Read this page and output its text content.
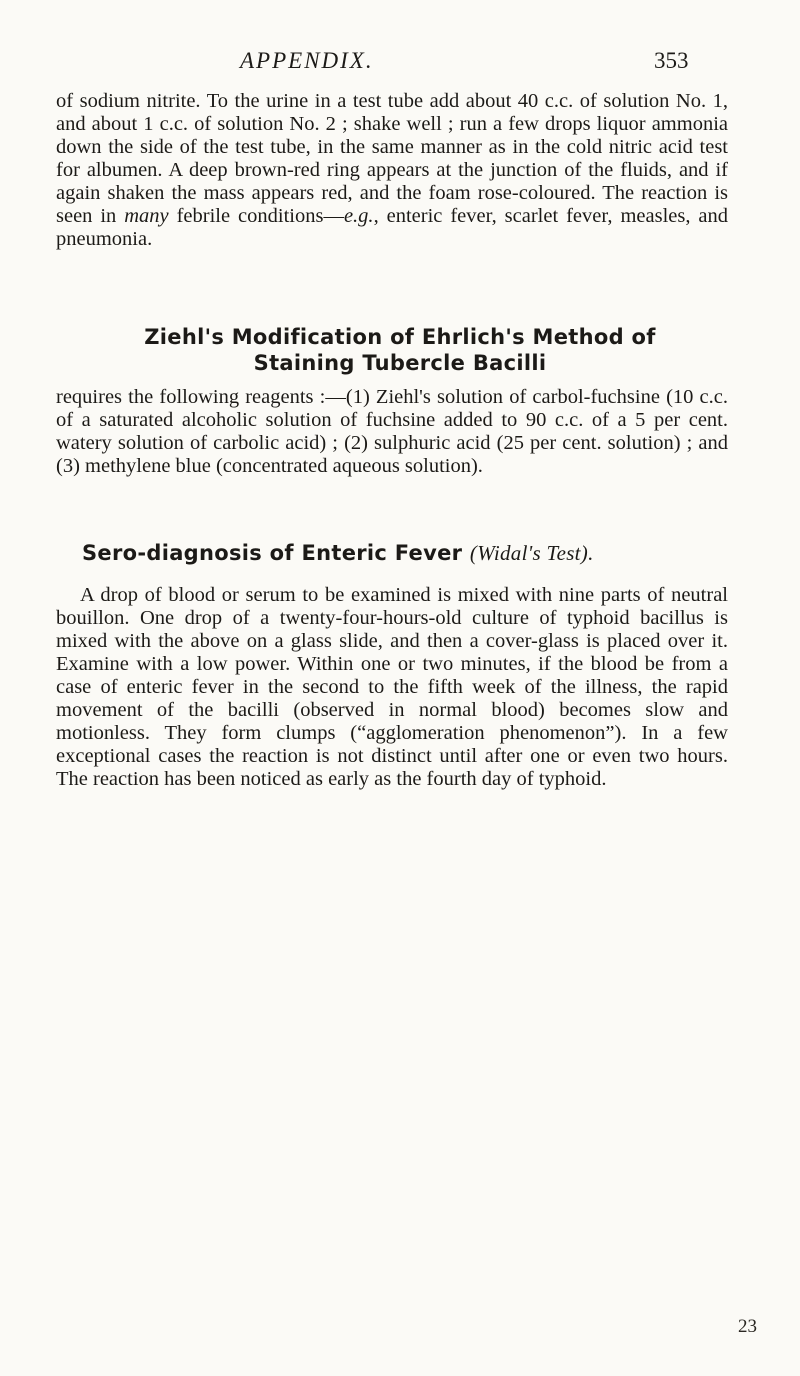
APPENDIX.	353

of sodium nitrite. To the urine in a test tube add about 40 c.c. of solution No. 1, and about 1 c.c. of solution No. 2 ; shake well ; run a few drops liquor ammonia down the side of the test tube, in the same manner as in the cold nitric acid test for albumen. A deep brown-red ring appears at the junction of the fluids, and if again shaken the mass appears red, and the foam rose-coloured. The reaction is seen in many febrile conditions—e.g., enteric fever, scarlet fever, measles, and pneumonia.

Ziehl's Modification of Ehrlich's Method of Staining Tubercle Bacilli

requires the following reagents :—(1) Ziehl's solution of carbol-fuchsine (10 c.c. of a saturated alcoholic solution of fuchsine added to 90 c.c. of a 5 per cent. watery solution of carbolic acid) ; (2) sulphuric acid (25 per cent. solution) ; and (3) methylene blue (concentrated aqueous solution).

Sero-diagnosis of Enteric Fever (Widal's Test).

A drop of blood or serum to be examined is mixed with nine parts of neutral bouillon. One drop of a twenty-four-hours-old culture of typhoid bacillus is mixed with the above on a glass slide, and then a cover-glass is placed over it. Examine with a low power. Within one or two minutes, if the blood be from a case of enteric fever in the second to the fifth week of the illness, the rapid movement of the bacilli (observed in normal blood) becomes slow and motionless. They form clumps (“agglomeration phenomenon”). In a few exceptional cases the reaction is not distinct until after one or even two hours. The reaction has been noticed as early as the fourth day of typhoid.

23
